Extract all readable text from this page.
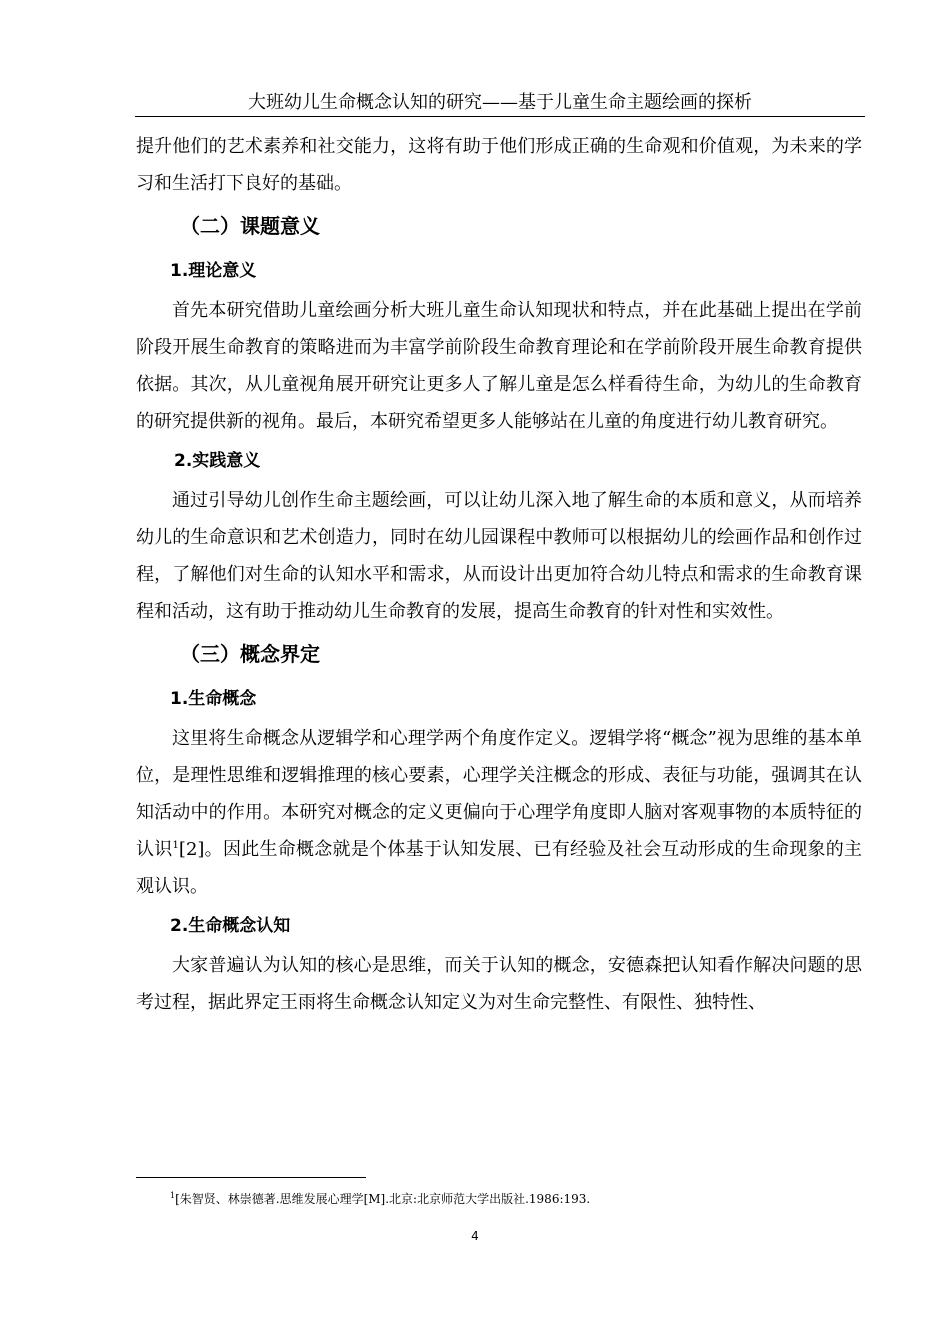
大班幼儿生命概念认知的研究——基于儿童生命主题绘画的探析

提升他们的艺术素养和社交能力，这将有助于他们形成正确的生命观和价值观，为未来的学习和生活打下良好的基础。

（二）课题意义
1.理论意义

首先本研究借助儿童绘画分析大班儿童生命认知现状和特点，并在此基础上提出在学前阶段开展生命教育的策略进而为丰富学前阶段生命教育理论和在学前阶段开展生命教育提供依据。其次，从儿童视角展开研究让更多人了解儿童是怎么样看待生命，为幼儿的生命教育的研究提供新的视角。最后，本研究希望更多人能够站在儿童的角度进行幼儿教育研究。

2.实践意义

通过引导幼儿创作生命主题绘画，可以让幼儿深入地了解生命的本质和意义，从而培养幼儿的生命意识和艺术创造力，同时在幼儿园课程中教师可以根据幼儿的绘画作品和创作过程，了解他们对生命的认知水平和需求，从而设计出更加符合幼儿特点和需求的生命教育课程和活动，这有助于推动幼儿生命教育的发展，提高生命教育的针对性和实效性。

（三）概念界定
1.生命概念

这里将生命概念从逻辑学和心理学两个角度作定义。逻辑学将“概念”视为思维的基本单位，是理性思维和逻辑推理的核心要素，心理学关注概念的形成、表征与功能，强调其在认知活动中的作用。本研究对概念的定义更偏向于心理学角度即人脑对客观事物的本质特征的认识$^1$[2]。因此生命概念就是个体基于认知发展、已有经验及社会互动形成的生命现象的主观认识。

2.生命概念认知

大家普遍认为认知的核心是思维，而关于认知的概念，安德森把认知看作解决问题的思考过程，据此界定王雨将生命概念认知定义为对生命完整性、有限性、独特性、

$^1$[朱智贤、林崇德著.思维发展心理学[M].北京:北京师范大学出版社.1986:193.
4
